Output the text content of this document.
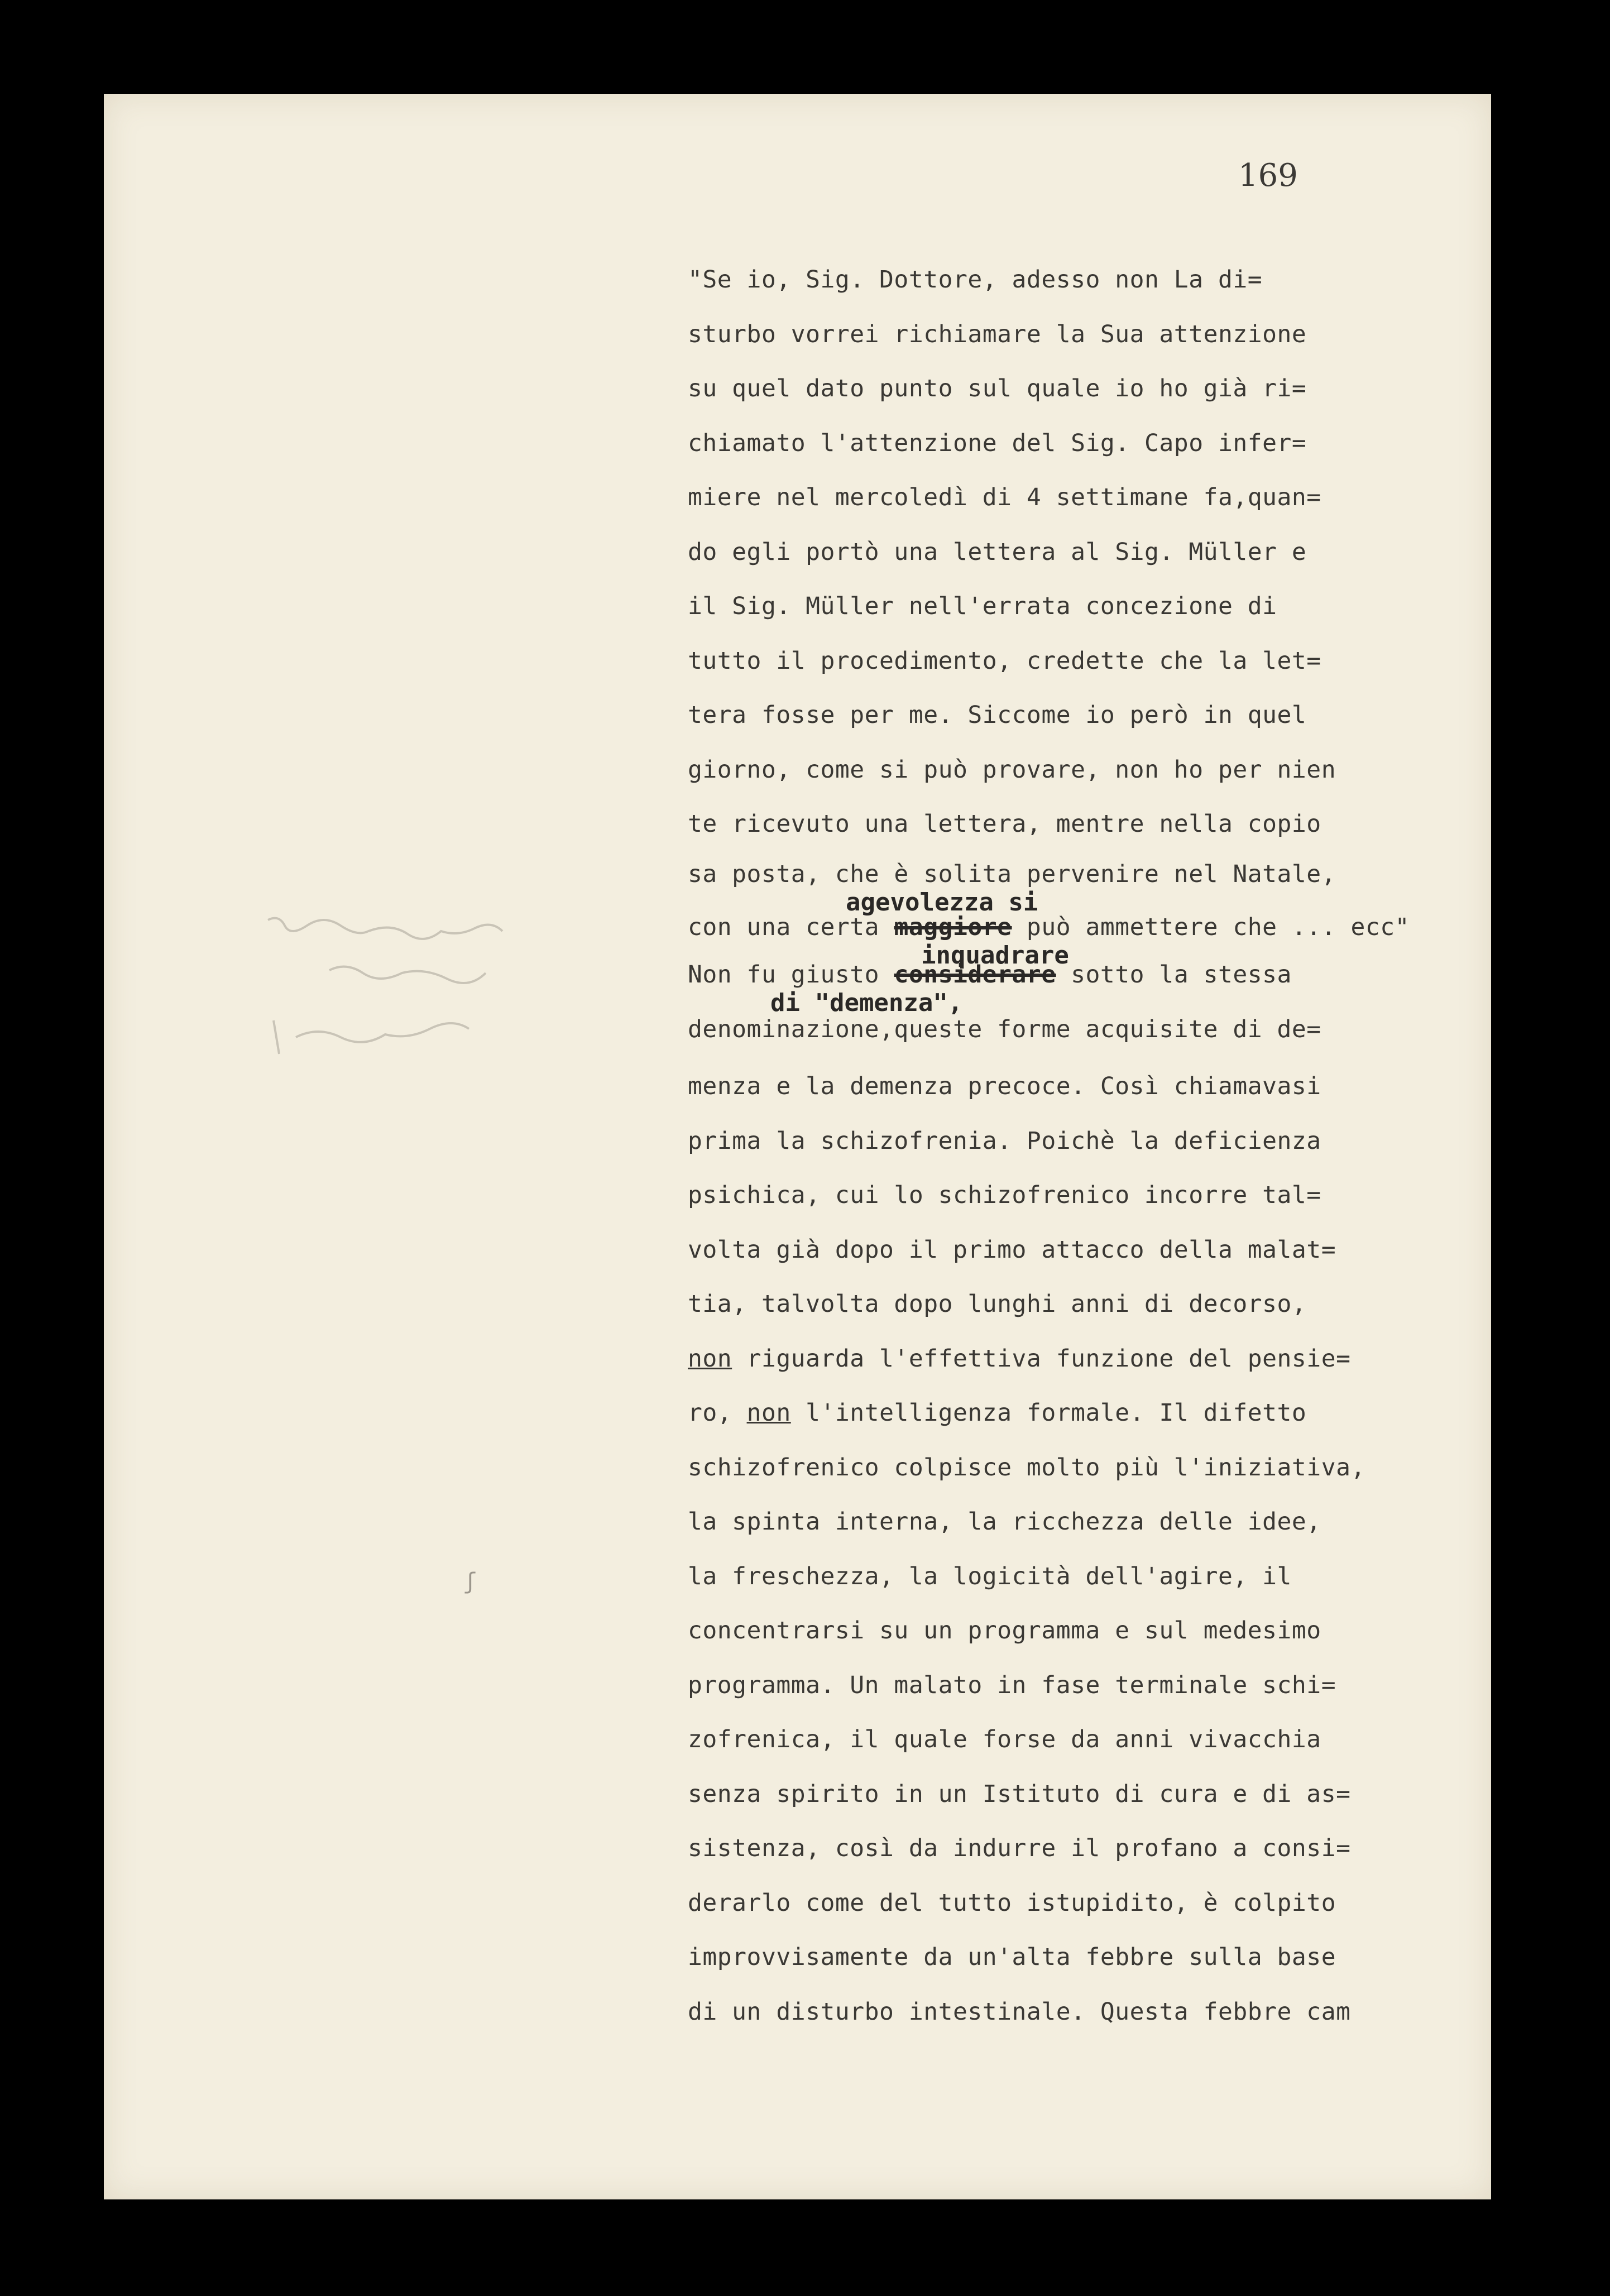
169
ʃ
"Se io, Sig. Dottore, adesso non La di=
sturbo vorrei richiamare la Sua attenzione
su quel dato punto sul quale io ho già ri=
chiamato l'attenzione del Sig. Capo infer=
miere nel mercoledì di 4 settimane fa,quan=
do egli portò una lettera al Sig. Müller e
il Sig. Müller nell'errata concezione di
tutto il procedimento, credette che la let=
tera fosse per me. Siccome io però in quel
giorno, come si può provare, non ho per nien
te ricevuto una lettera, mentre nella copio
sa posta, che è solita pervenire nel Natale,
agevolezza si
con una certa maggiore può ammettere che ... ecc"
inquadrare
Non fu giusto considerare sotto la stessa
di "demenza",
denominazione,queste forme acquisite di de=
menza e la demenza precoce. Così chiamavasi
prima la schizofrenia. Poichè la deficienza
psichica, cui lo schizofrenico incorre tal=
volta già dopo il primo attacco della malat=
tia, talvolta dopo lunghi anni di decorso,
non riguarda l'effettiva funzione del pensie=
ro, non l'intelligenza formale. Il difetto
schizofrenico colpisce molto più l'iniziativa,
la spinta interna, la ricchezza delle idee,
la freschezza, la logicità dell'agire, il
concentrarsi su un programma e sul medesimo
programma. Un malato in fase terminale schi=
zofrenica, il quale forse da anni vivacchia
senza spirito in un Istituto di cura e di as=
sistenza, così da indurre il profano a consi=
derarlo come del tutto istupidito, è colpito
improvvisamente da un'alta febbre sulla base
di un disturbo intestinale. Questa febbre cam
